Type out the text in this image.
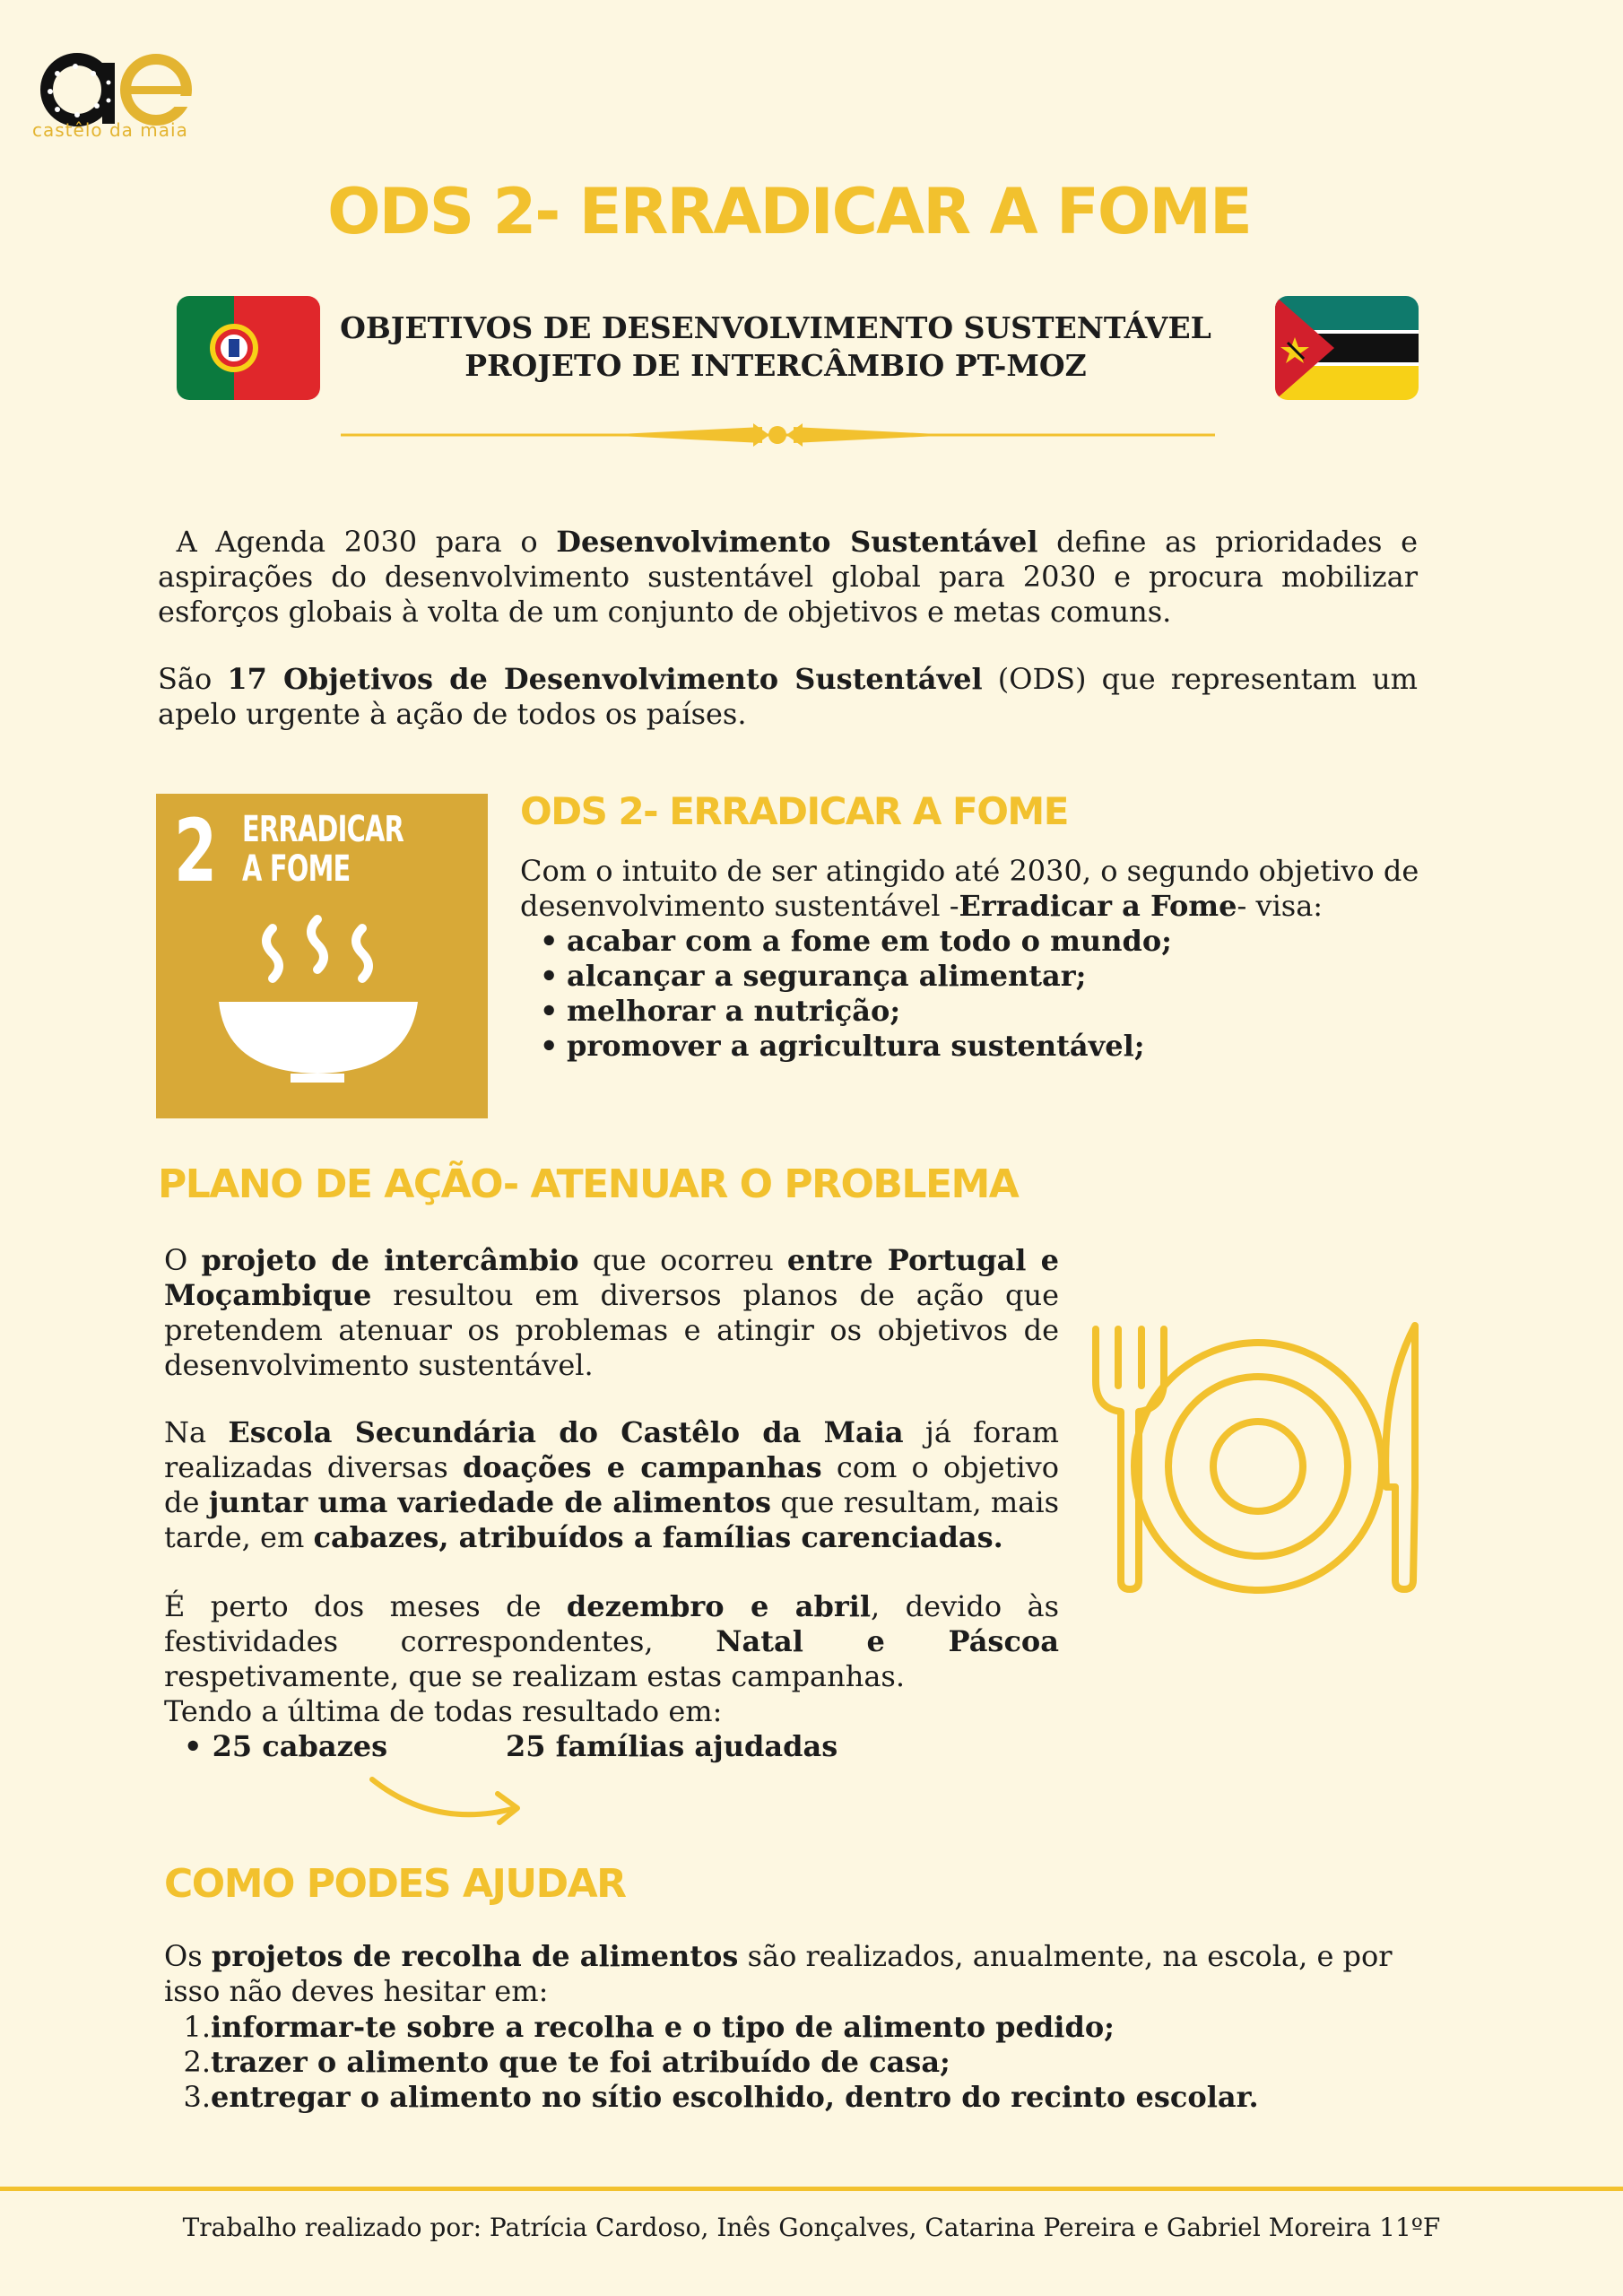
castêlo da maia
ODS 2- ERRADICAR A FOME
OBJETIVOS DE DESENVOLVIMENTO SUSTENTÁVEL
PROJETO DE INTERCÂMBIO PT-MOZ
A Agenda 2030 para o Desenvolvimento Sustentável define as prioridades e aspirações do desenvolvimento sustentável global para 2030 e procura mobilizar esforços globais à volta de um conjunto de objetivos e metas comuns.
São 17 Objetivos de Desenvolvimento Sustentável (ODS) que representam um apelo urgente à ação de todos os países.
2 ERRADICAR
A FOME
ODS 2- ERRADICAR A FOME
Com o intuito de ser atingido até 2030, o segundo objetivo de desenvolvimento sustentável -Erradicar a Fome- visa:
• acabar com a fome em todo o mundo;
• alcançar a segurança alimentar;
• melhorar a nutrição;
• promover a agricultura sustentável;
PLANO DE AÇÃO- ATENUAR O PROBLEMA
O projeto de intercâmbio que ocorreu entre Portugal e Moçambique resultou em diversos planos de ação que pretendem atenuar os problemas e atingir os objetivos de desenvolvimento sustentável.
Na Escola Secundária do Castêlo da Maia já foram realizadas diversas doações e campanhas com o objetivo de juntar uma variedade de alimentos que resultam, mais tarde, em cabazes, atribuídos a famílias carenciadas.
É perto dos meses de dezembro e abril, devido às festividades correspondentes, Natal e Páscoa respetivamente, que se realizam estas campanhas.
Tendo a última de todas resultado em:
• 25 cabazes	25 famílias ajudadas
COMO PODES AJUDAR
Os projetos de recolha de alimentos são realizados, anualmente, na escola, e por isso não deves hesitar em:
1.informar-te sobre a recolha e o tipo de alimento pedido;
2.trazer o alimento que te foi atribuído de casa;
3.entregar o alimento no sítio escolhido, dentro do recinto escolar.
Trabalho realizado por: Patrícia Cardoso, Inês Gonçalves, Catarina Pereira e Gabriel Moreira 11ºF
